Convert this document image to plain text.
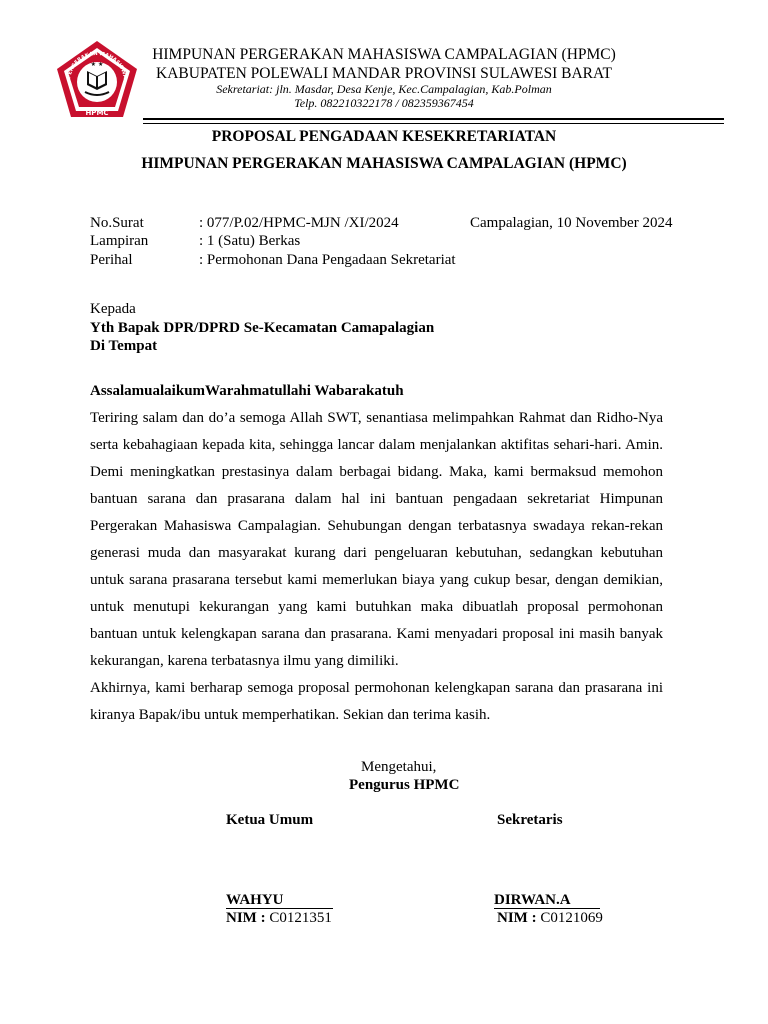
PERGERAKAN MAHASISWA
★ ★
HPMC
HIMPUNAN PERGERAKAN MAHASISWA CAMPALAGIAN (HPMC)
KABUPATEN POLEWALI MANDAR PROVINSI SULAWESI BARAT
Sekretariat: jln. Masdar, Desa Kenje, Kec.Campalagian, Kab.Polman
Telp. 082210322178 / 082359367454
PROPOSAL PENGADAAN KESEKRETARIATAN
HIMPUNAN PERGERAKAN MAHASISWA CAMPALAGIAN (HPMC)
No.Surat	: 077/P.02/HPMC-MJN /XI/2024	Campalagian, 10 November 2024
Lampiran	: 1 (Satu) Berkas
Perihal	: Permohonan Dana Pengadaan Sekretariat
Kepada
Yth Bapak DPR/DPRD Se-Kecamatan Camapalagian
Di Tempat
AssalamualaikumWarahmatullahi Wabarakatuh

Teriring salam dan do’a semoga Allah SWT, senantiasa melimpahkan Rahmat dan Ridho-Nya serta kebahagiaan kepada kita, sehingga lancar dalam menjalankan aktifitas sehari-hari. Amin. Demi meningkatkan prestasinya dalam berbagai bidang. Maka, kami bermaksud memohon bantuan sarana dan prasarana dalam hal ini bantuan pengadaan sekretariat Himpunan Pergerakan Mahasiswa Campalagian. Sehubungan dengan terbatasnya swadaya rekan-rekan generasi muda dan masyarakat kurang dari pengeluaran kebutuhan, sedangkan kebutuhan untuk sarana prasarana tersebut kami memerlukan biaya yang cukup besar, dengan demikian, untuk menutupi kekurangan yang kami butuhkan maka dibuatlah proposal permohonan bantuan untuk kelengkapan sarana dan prasarana. Kami menyadari proposal ini masih banyak kekurangan, karena terbatasnya ilmu yang dimiliki.

Akhirnya, kami berharap semoga proposal permohonan kelengkapan sarana dan prasarana ini kiranya Bapak/ibu untuk memperhatikan. Sekian dan terima kasih.

Mengetahui,
Pengurus HPMC
Ketua Umum	Sekretaris
WAHYU	DIRWAN.A
NIM : C0121351	NIM : C0121069
